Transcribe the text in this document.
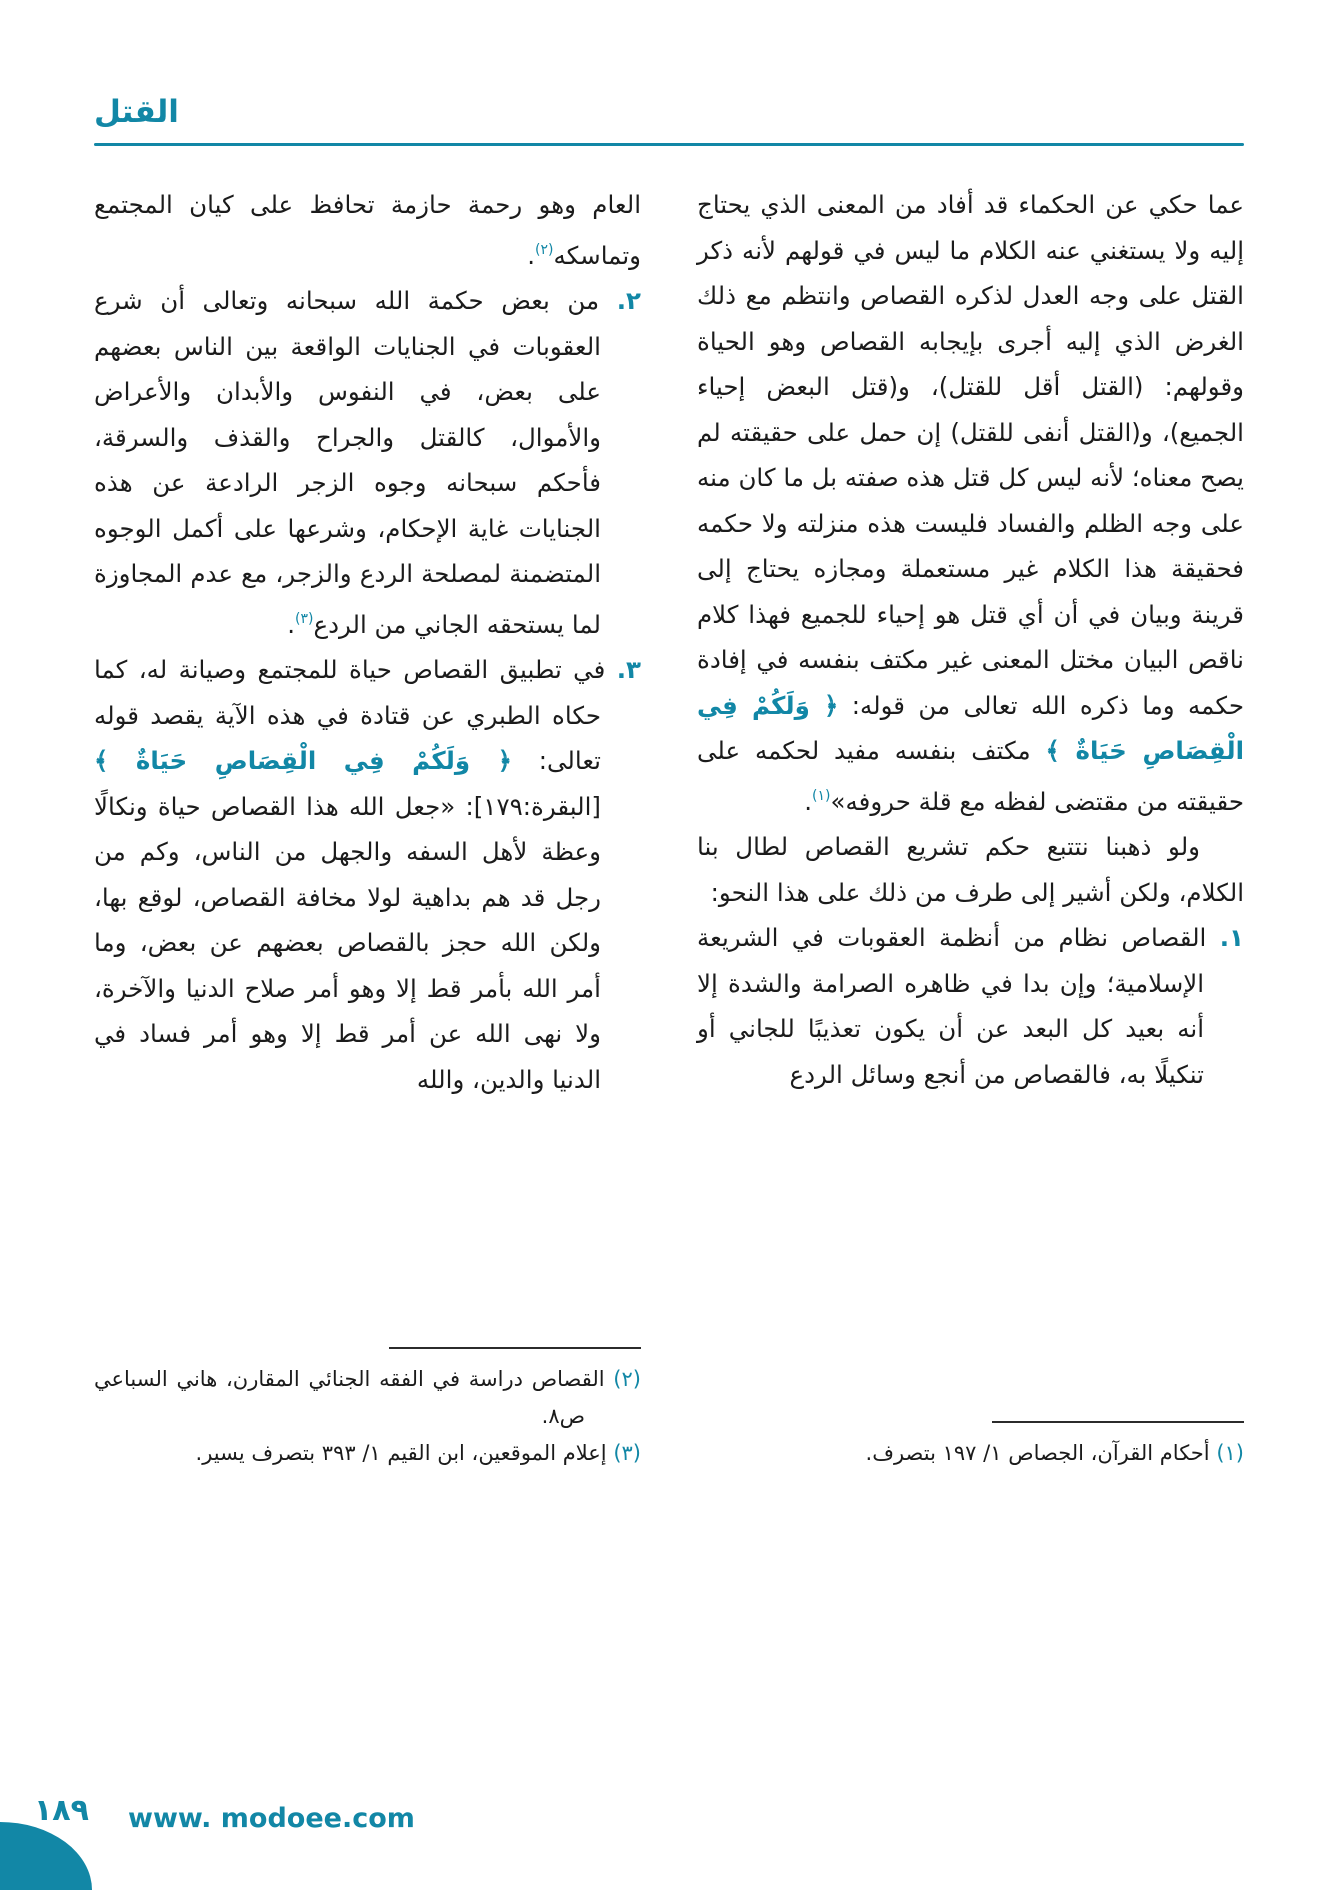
القتل

عما حكي عن الحكماء قد أفاد من المعنى الذي يحتاج إليه ولا يستغني عنه الكلام ما ليس في قولهم لأنه ذكر القتل على وجه العدل لذكره القصاص وانتظم مع ذلك الغرض الذي إليه أجرى بإيجابه القصاص وهو الحياة وقولهم: (القتل أقل للقتل)، و(قتل البعض إحياء الجميع)، و(القتل أنفى للقتل) إن حمل على حقيقته لم يصح معناه؛ لأنه ليس كل قتل هذه صفته بل ما كان منه على وجه الظلم والفساد فليست هذه منزلته ولا حكمه فحقيقة هذا الكلام غير مستعملة ومجازه يحتاج إلى قرينة وبيان في أن أي قتل هو إحياء للجميع فهذا كلام ناقص البيان مختل المعنى غير مكتف بنفسه في إفادة حكمه وما ذكره الله تعالى من قوله: ﴿ وَلَكُمْ فِي الْقِصَاصِ حَيَاةٌ ﴾ مكتف بنفسه مفيد لحكمه على حقيقته من مقتضى لفظه مع قلة حروفه»$^{(١)}$.

ولو ذهبنا نتتبع حكم تشريع القصاص لطال بنا الكلام، ولكن أشير إلى طرف من ذلك على هذا النحو:

١. القصاص نظام من أنظمة العقوبات في الشريعة الإسلامية؛ وإن بدا في ظاهره الصرامة والشدة إلا أنه بعيد كل البعد عن أن يكون تعذيبًا للجاني أو تنكيلًا به، فالقصاص من أنجع وسائل الردع

(١) أحكام القرآن، الجصاص ١/ ١٩٧ بتصرف.

العام وهو رحمة حازمة تحافظ على كيان المجتمع وتماسكه$^{(٢)}$.

٢. من بعض حكمة الله سبحانه وتعالى أن شرع العقوبات في الجنايات الواقعة بين الناس بعضهم على بعض، في النفوس والأبدان والأعراض والأموال، كالقتل والجراح والقذف والسرقة، فأحكم سبحانه وجوه الزجر الرادعة عن هذه الجنايات غاية الإحكام، وشرعها على أكمل الوجوه المتضمنة لمصلحة الردع والزجر، مع عدم المجاوزة لما يستحقه الجاني من الردع$^{(٣)}$.

٣. في تطبيق القصاص حياة للمجتمع وصيانة له، كما حكاه الطبري عن قتادة في هذه الآية يقصد قوله تعالى: ﴿ وَلَكُمْ فِي الْقِصَاصِ حَيَاةٌ ﴾ [البقرة:١٧٩]: «جعل الله هذا القصاص حياة ونكالًا وعظة لأهل السفه والجهل من الناس، وكم من رجل قد هم بداهية لولا مخافة القصاص، لوقع بها، ولكن الله حجز بالقصاص بعضهم عن بعض، وما أمر الله بأمر قط إلا وهو أمر صلاح الدنيا والآخرة، ولا نهى الله عن أمر قط إلا وهو أمر فساد في الدنيا والدين، والله

(٢) القصاص دراسة في الفقه الجنائي المقارن، هاني السباعي ص٨.

(٣) إعلام الموقعين، ابن القيم ١/ ٣٩٣ بتصرف يسير.

١٨٩ www. modoee.com
